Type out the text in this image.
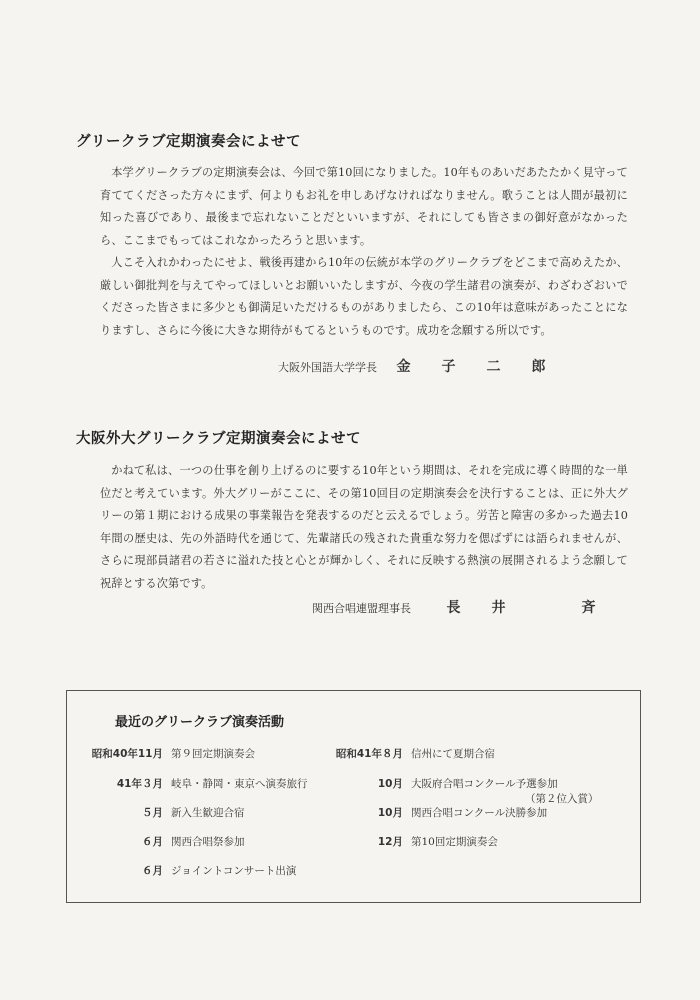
グリークラブ定期演奏会によせて

本学グリークラブの定期演奏会は、今回で第10回になりました。10年ものあいだあたたかく見守って育ててくださった方々にまず、何よりもお礼を申しあげなければなりません。歌うことは人間が最初に知った喜びであり、最後まで忘れないことだといいますが、それにしても皆さまの御好意がなかったら、ここまでもってはこれなかったろうと思います。

人こそ入れかわったにせよ、戦後再建から10年の伝統が本学のグリークラブをどこまで高めえたか、厳しい御批判を与えてやってほしいとお願いいたしますが、今夜の学生諸君の演奏が、わざわざおいでくださった皆さまに多少とも御満足いただけるものがありましたら、この10年は意味があったことになりますし、さらに今後に大きな期待がもてるというものです。成功を念願する所以です。

大阪外国語大学学長 金　　子　　二　　郎
大阪外大グリークラブ定期演奏会によせて

かねて私は、一つの仕事を創り上げるのに要する10年という期間は、それを完成に導く時間的な一単位だと考えています。外大グリーがここに、その第10回目の定期演奏会を決行することは、正に外大グリーの第１期における成果の事業報告を発表するのだと云えるでしょう。労苦と障害の多かった過去10年間の歴史は、先の外語時代を通じて、先輩諸氏の残された貴重な努力を偲ばずには語られませんが、さらに現部員諸君の若さに溢れた技と心とが輝かしく、それに反映する熱演の展開されるよう念願して祝辞とする次第です。

関西合唱連盟理事長	長　　井　　　　　斉
最近のグリークラブ演奏活動
昭和40年11月 第９回定期演奏会
41年３月 岐阜・静岡・東京へ演奏旅行
５月 新入生歓迎合宿
６月 関西合唱祭参加
６月 ジョイントコンサート出演
昭和41年８月 信州にて夏期合宿
10月 大阪府合唱コンクール予選参加
（第２位入賞）
10月 関西合唱コンクール決勝参加
12月 第10回定期演奏会
